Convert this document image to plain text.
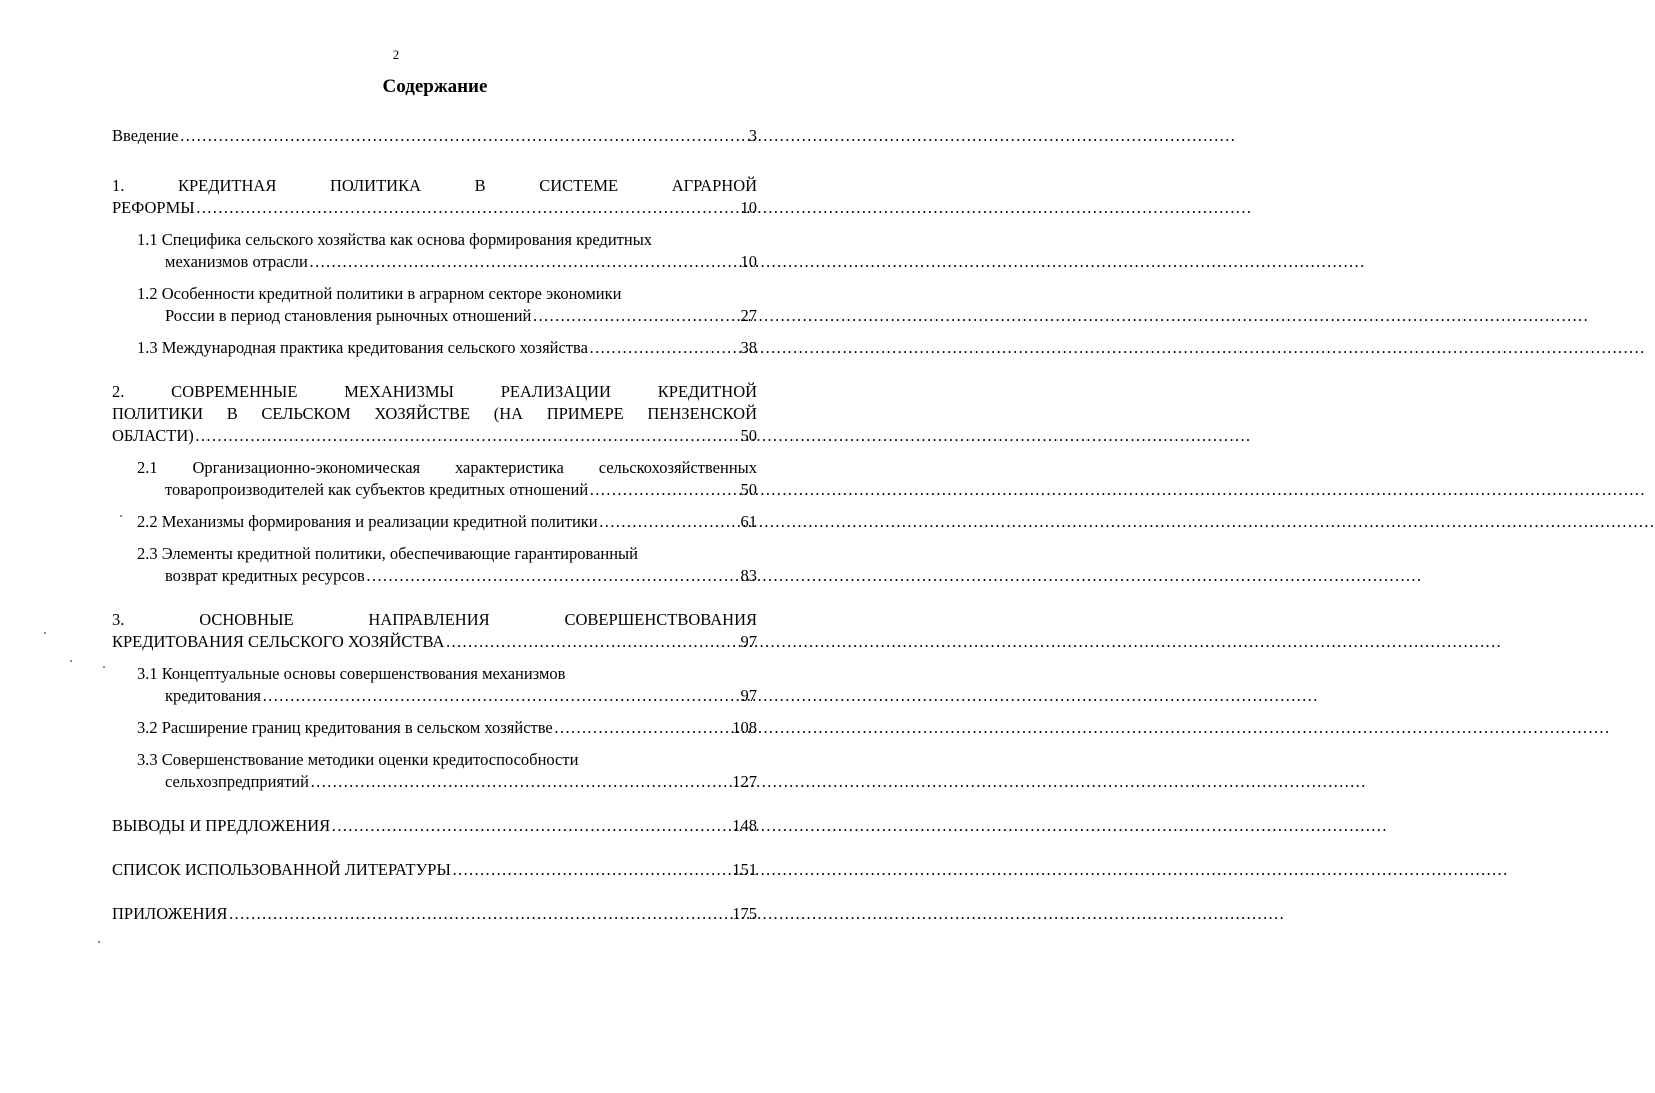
2
Содержание
Введение …………………………………………………………………………………………………………………………………………………………………………	3
1.	КРЕДИТНАЯ	ПОЛИТИКА	В	СИСТЕМЕ	АГРАРНОЙ
РЕФОРМЫ …………………………………………………………………………………………………………………………………………………………………………	10
1.1 Специфика сельского хозяйства как основа формирования кредитных
механизмов отрасли …………………………………………………………………………………………………………………………………………………………………………	10
1.2 Особенности кредитной политики в аграрном секторе экономики
России в период становления рыночных отношений …………………………………………………………………………………………………………………………………………………………………………	27
1.3 Международная практика кредитования сельского хозяйства …………………………………………………………………………………………………………………………………………………………………………	38
2.	СОВРЕМЕННЫЕ	МЕХАНИЗМЫ	РЕАЛИЗАЦИИ	КРЕДИТНОЙ
ПОЛИТИКИ В СЕЛЬСКОМ ХОЗЯЙСТВЕ (НА ПРИМЕРЕ ПЕНЗЕНСКОЙ
ОБЛАСТИ) …………………………………………………………………………………………………………………………………………………………………………	50
2.1 Организационно-экономическая характеристика сельскохозяйственных
товаропроизводителей как субъектов кредитных отношений …………………………………………………………………………………………………………………………………………………………………………	50
2.2 Механизмы формирования и реализации кредитной политики …………………………………………………………………………………………………………………………………………………………………………	61
2.3 Элементы кредитной политики, обеспечивающие гарантированный
возврат кредитных ресурсов …………………………………………………………………………………………………………………………………………………………………………	83
3.	ОСНОВНЫЕ	НАПРАВЛЕНИЯ	СОВЕРШЕНСТВОВАНИЯ
КРЕДИТОВАНИЯ СЕЛЬСКОГО ХОЗЯЙСТВА …………………………………………………………………………………………………………………………………………………………………………	97
3.1 Концептуальные основы совершенствования механизмов
кредитования …………………………………………………………………………………………………………………………………………………………………………	97
3.2 Расширение границ кредитования в сельском хозяйстве …………………………………………………………………………………………………………………………………………………………………………	108
3.3 Совершенствование методики оценки кредитоспособности
сельхозпредприятий …………………………………………………………………………………………………………………………………………………………………………	127
ВЫВОДЫ И ПРЕДЛОЖЕНИЯ …………………………………………………………………………………………………………………………………………………………………………	148
СПИСОК ИСПОЛЬЗОВАННОЙ ЛИТЕРАТУРЫ …………………………………………………………………………………………………………………………………………………………………………	151
ПРИЛОЖЕНИЯ …………………………………………………………………………………………………………………………………………………………………………	175
